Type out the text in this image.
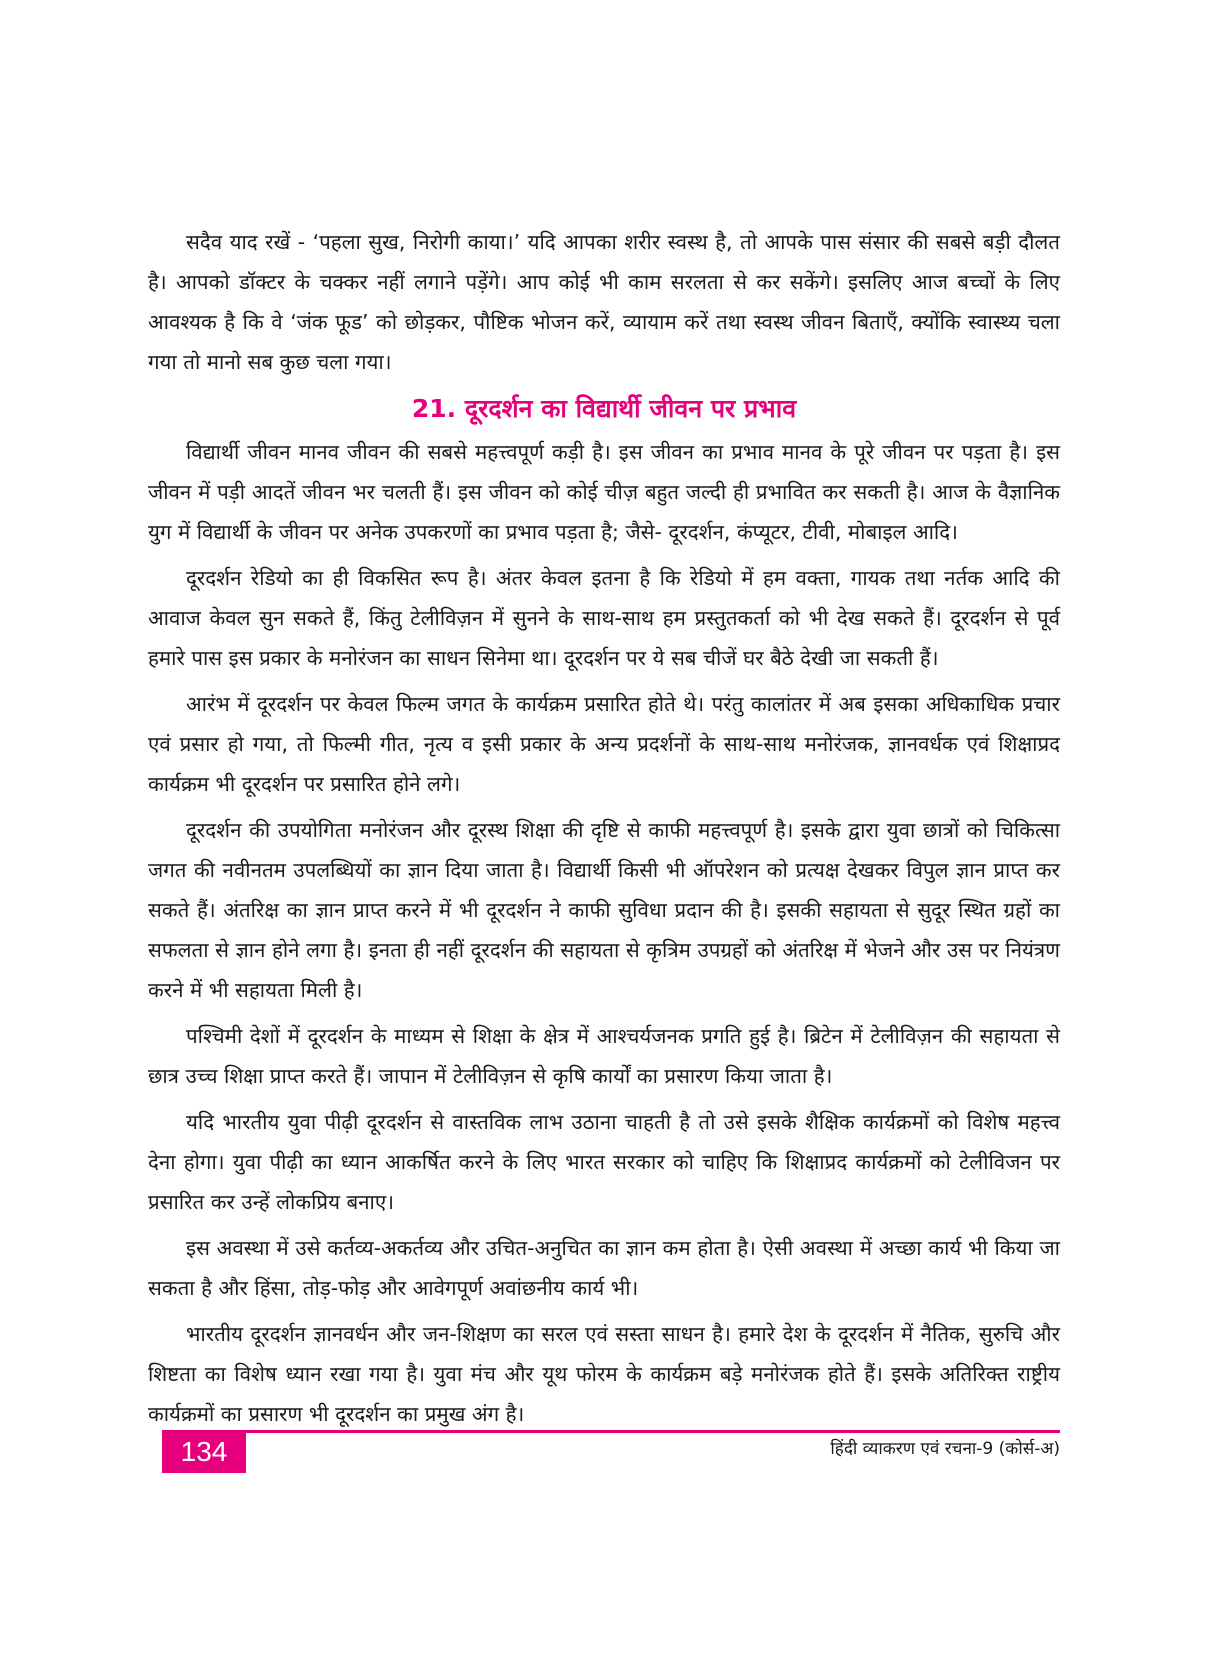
सदैव याद रखें - ‘पहला सुख, निरोगी काया।’ यदि आपका शरीर स्वस्थ है, तो आपके पास संसार की सबसे बड़ी दौलत है। आपको डॉक्टर के चक्कर नहीं लगाने पड़ेंगे। आप कोई भी काम सरलता से कर सकेंगे। इसलिए आज बच्चों के लिए आवश्यक है कि वे ‘जंक फूड’ को छोड़कर, पौष्टिक भोजन करें, व्यायाम करें तथा स्वस्थ जीवन बिताएँ, क्योंकि स्वास्थ्य चला गया तो मानो सब कुछ चला गया।

21. दूरदर्शन का विद्यार्थी जीवन पर प्रभाव

विद्यार्थी जीवन मानव जीवन की सबसे महत्त्वपूर्ण कड़ी है। इस जीवन का प्रभाव मानव के पूरे जीवन पर पड़ता है। इस जीवन में पड़ी आदतें जीवन भर चलती हैं। इस जीवन को कोई चीज़ बहुत जल्दी ही प्रभावित कर सकती है। आज के वैज्ञानिक युग में विद्यार्थी के जीवन पर अनेक उपकरणों का प्रभाव पड़ता है; जैसे- दूरदर्शन, कंप्यूटर, टीवी, मोबाइल आदि।

दूरदर्शन रेडियो का ही विकसित रूप है। अंतर केवल इतना है कि रेडियो में हम वक्ता, गायक तथा नर्तक आदि की आवाज केवल सुन सकते हैं, किंतु टेलीविज़न में सुनने के साथ-साथ हम प्रस्तुतकर्ता को भी देख सकते हैं। दूरदर्शन से पूर्व हमारे पास इस प्रकार के मनोरंजन का साधन सिनेमा था। दूरदर्शन पर ये सब चीजें घर बैठे देखी जा सकती हैं।

आरंभ में दूरदर्शन पर केवल फिल्म जगत के कार्यक्रम प्रसारित होते थे। परंतु कालांतर में अब इसका अधिकाधिक प्रचार एवं प्रसार हो गया, तो फिल्मी गीत, नृत्य व इसी प्रकार के अन्य प्रदर्शनों के साथ-साथ मनोरंजक, ज्ञानवर्धक एवं शिक्षाप्रद कार्यक्रम भी दूरदर्शन पर प्रसारित होने लगे।

दूरदर्शन की उपयोगिता मनोरंजन और दूरस्थ शिक्षा की दृष्टि से काफी महत्त्वपूर्ण है। इसके द्वारा युवा छात्रों को चिकित्सा जगत की नवीनतम उपलब्धियों का ज्ञान दिया जाता है। विद्यार्थी किसी भी ऑपरेशन को प्रत्यक्ष देखकर विपुल ज्ञान प्राप्त कर सकते हैं। अंतरिक्ष का ज्ञान प्राप्त करने में भी दूरदर्शन ने काफी सुविधा प्रदान की है। इसकी सहायता से सुदूर स्थित ग्रहों का सफलता से ज्ञान होने लगा है। इनता ही नहीं दूरदर्शन की सहायता से कृत्रिम उपग्रहों को अंतरिक्ष में भेजने और उस पर नियंत्रण करने में भी सहायता मिली है।

पश्चिमी देशों में दूरदर्शन के माध्यम से शिक्षा के क्षेत्र में आश्चर्यजनक प्रगति हुई है। ब्रिटेन में टेलीविज़न की सहायता से छात्र उच्च शिक्षा प्राप्त करते हैं। जापान में टेलीविज़न से कृषि कार्यों का प्रसारण किया जाता है।

यदि भारतीय युवा पीढ़ी दूरदर्शन से वास्तविक लाभ उठाना चाहती है तो उसे इसके शैक्षिक कार्यक्रमों को विशेष महत्त्व देना होगा। युवा पीढ़ी का ध्यान आकर्षित करने के लिए भारत सरकार को चाहिए कि शिक्षाप्रद कार्यक्रमों को टेलीविजन पर प्रसारित कर उन्हें लोकप्रिय बनाए।

इस अवस्था में उसे कर्तव्य-अकर्तव्य और उचित-अनुचित का ज्ञान कम होता है। ऐसी अवस्था में अच्छा कार्य भी किया जा सकता है और हिंसा, तोड़-फोड़ और आवेगपूर्ण अवांछनीय कार्य भी।

भारतीय दूरदर्शन ज्ञानवर्धन और जन-शिक्षण का सरल एवं सस्ता साधन है। हमारे देश के दूरदर्शन में नैतिक, सुरुचि और शिष्टता का विशेष ध्यान रखा गया है। युवा मंच और यूथ फोरम के कार्यक्रम बड़े मनोरंजक होते हैं। इसके अतिरिक्त राष्ट्रीय कार्यक्रमों का प्रसारण भी दूरदर्शन का प्रमुख अंग है।

134	हिंदी व्याकरण एवं रचना-9 (कोर्स-अ)
